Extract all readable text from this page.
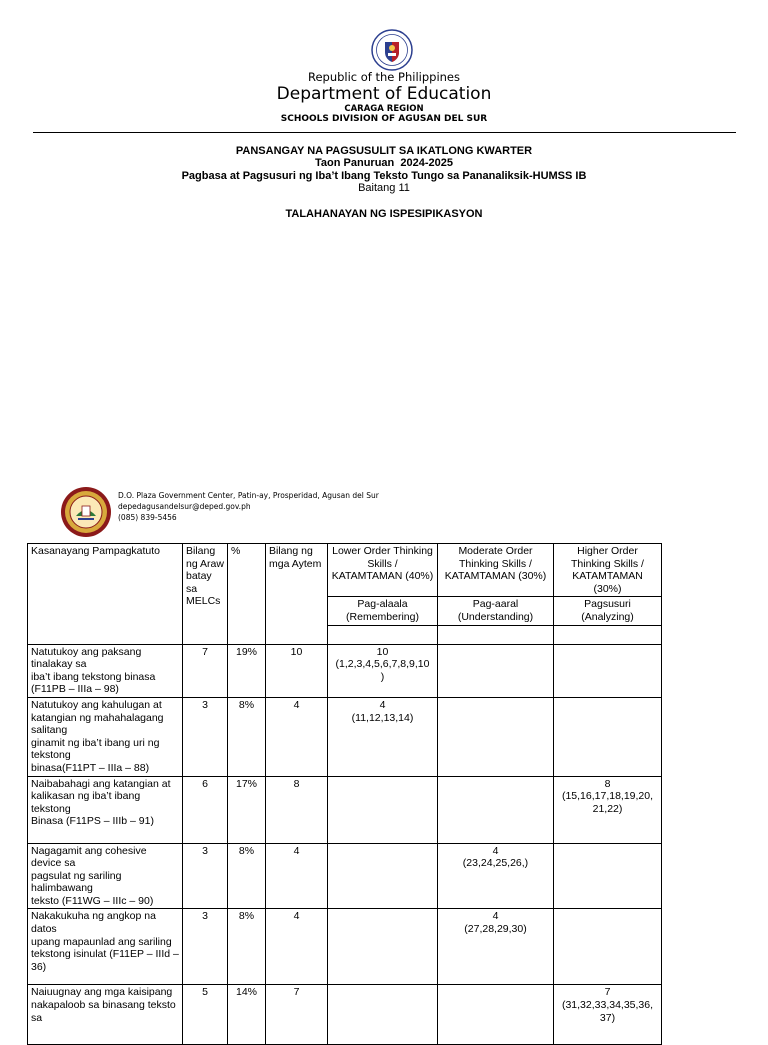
Republic of the Philippines
Department of Education
CARAGA REGION
SCHOOLS DIVISION OF AGUSAN DEL SUR
PANSANGAY NA PAGSUSULIT SA IKATLONG KWARTER
Taon Panuruan  2024-2025
Pagbasa at Pagsusuri ng Iba’t Ibang Teksto Tungo sa Pananaliksik-HUMSS IB
Baitang 11
TALAHANAYAN NG ISPESIPIKASYON
D.O. Plaza Government Center, Patin-ay, Prosperidad, Agusan del Sur
depedagusandelsur@deped.gov.ph
(085) 839-5456
Kasanayang Pampagkatuto	Bilang ng Araw batay sa MELCs	%	Bilang ng mga Aytem	Lower Order Thinking Skills / KATAMTAMAN (40%)	Moderate Order Thinking Skills / KATAMTAMAN (30%)	Higher Order Thinking Skills / KATAMTAMAN (30%)
				Pag-alaala (Remembering)	Pag-aaral (Understanding)	Pagsusuri (Analyzing)

Natutukoy ang paksang tinalakay sa
iba’t ibang tekstong binasa
(F11PB – IIIa – 98)	7	19%	10	10
(1,2,3,4,5,6,7,8,9,10
)		
Natutukoy ang kahulugan at katangian ng mahahalagang salitang
ginamit ng iba’t ibang uri ng tekstong
binasa(F11PT – IIIa – 88)	3	8%	4	4
(11,12,13,14)		
Naibabahagi ang katangian at kalikasan ng iba’t ibang tekstong
Binasa (F11PS – IIIb – 91)	6	17%	8			8
(15,16,17,18,19,20,
21,22)
Nagagamit ang cohesive device sa
pagsulat ng sariling halimbawang
teksto (F11WG – IIIc – 90)	3	8%	4		4
(23,24,25,26,)	
Nakakukuha ng angkop na datos
upang mapaunlad ang sariling
tekstong isinulat (F11EP – IIId – 36)	3	8%	4		4
(27,28,29,30)	
Naiuugnay ang mga kaisipang
nakapaloob sa binasang teksto sa	5	14%	7			7
(31,32,33,34,35,36,
37)
